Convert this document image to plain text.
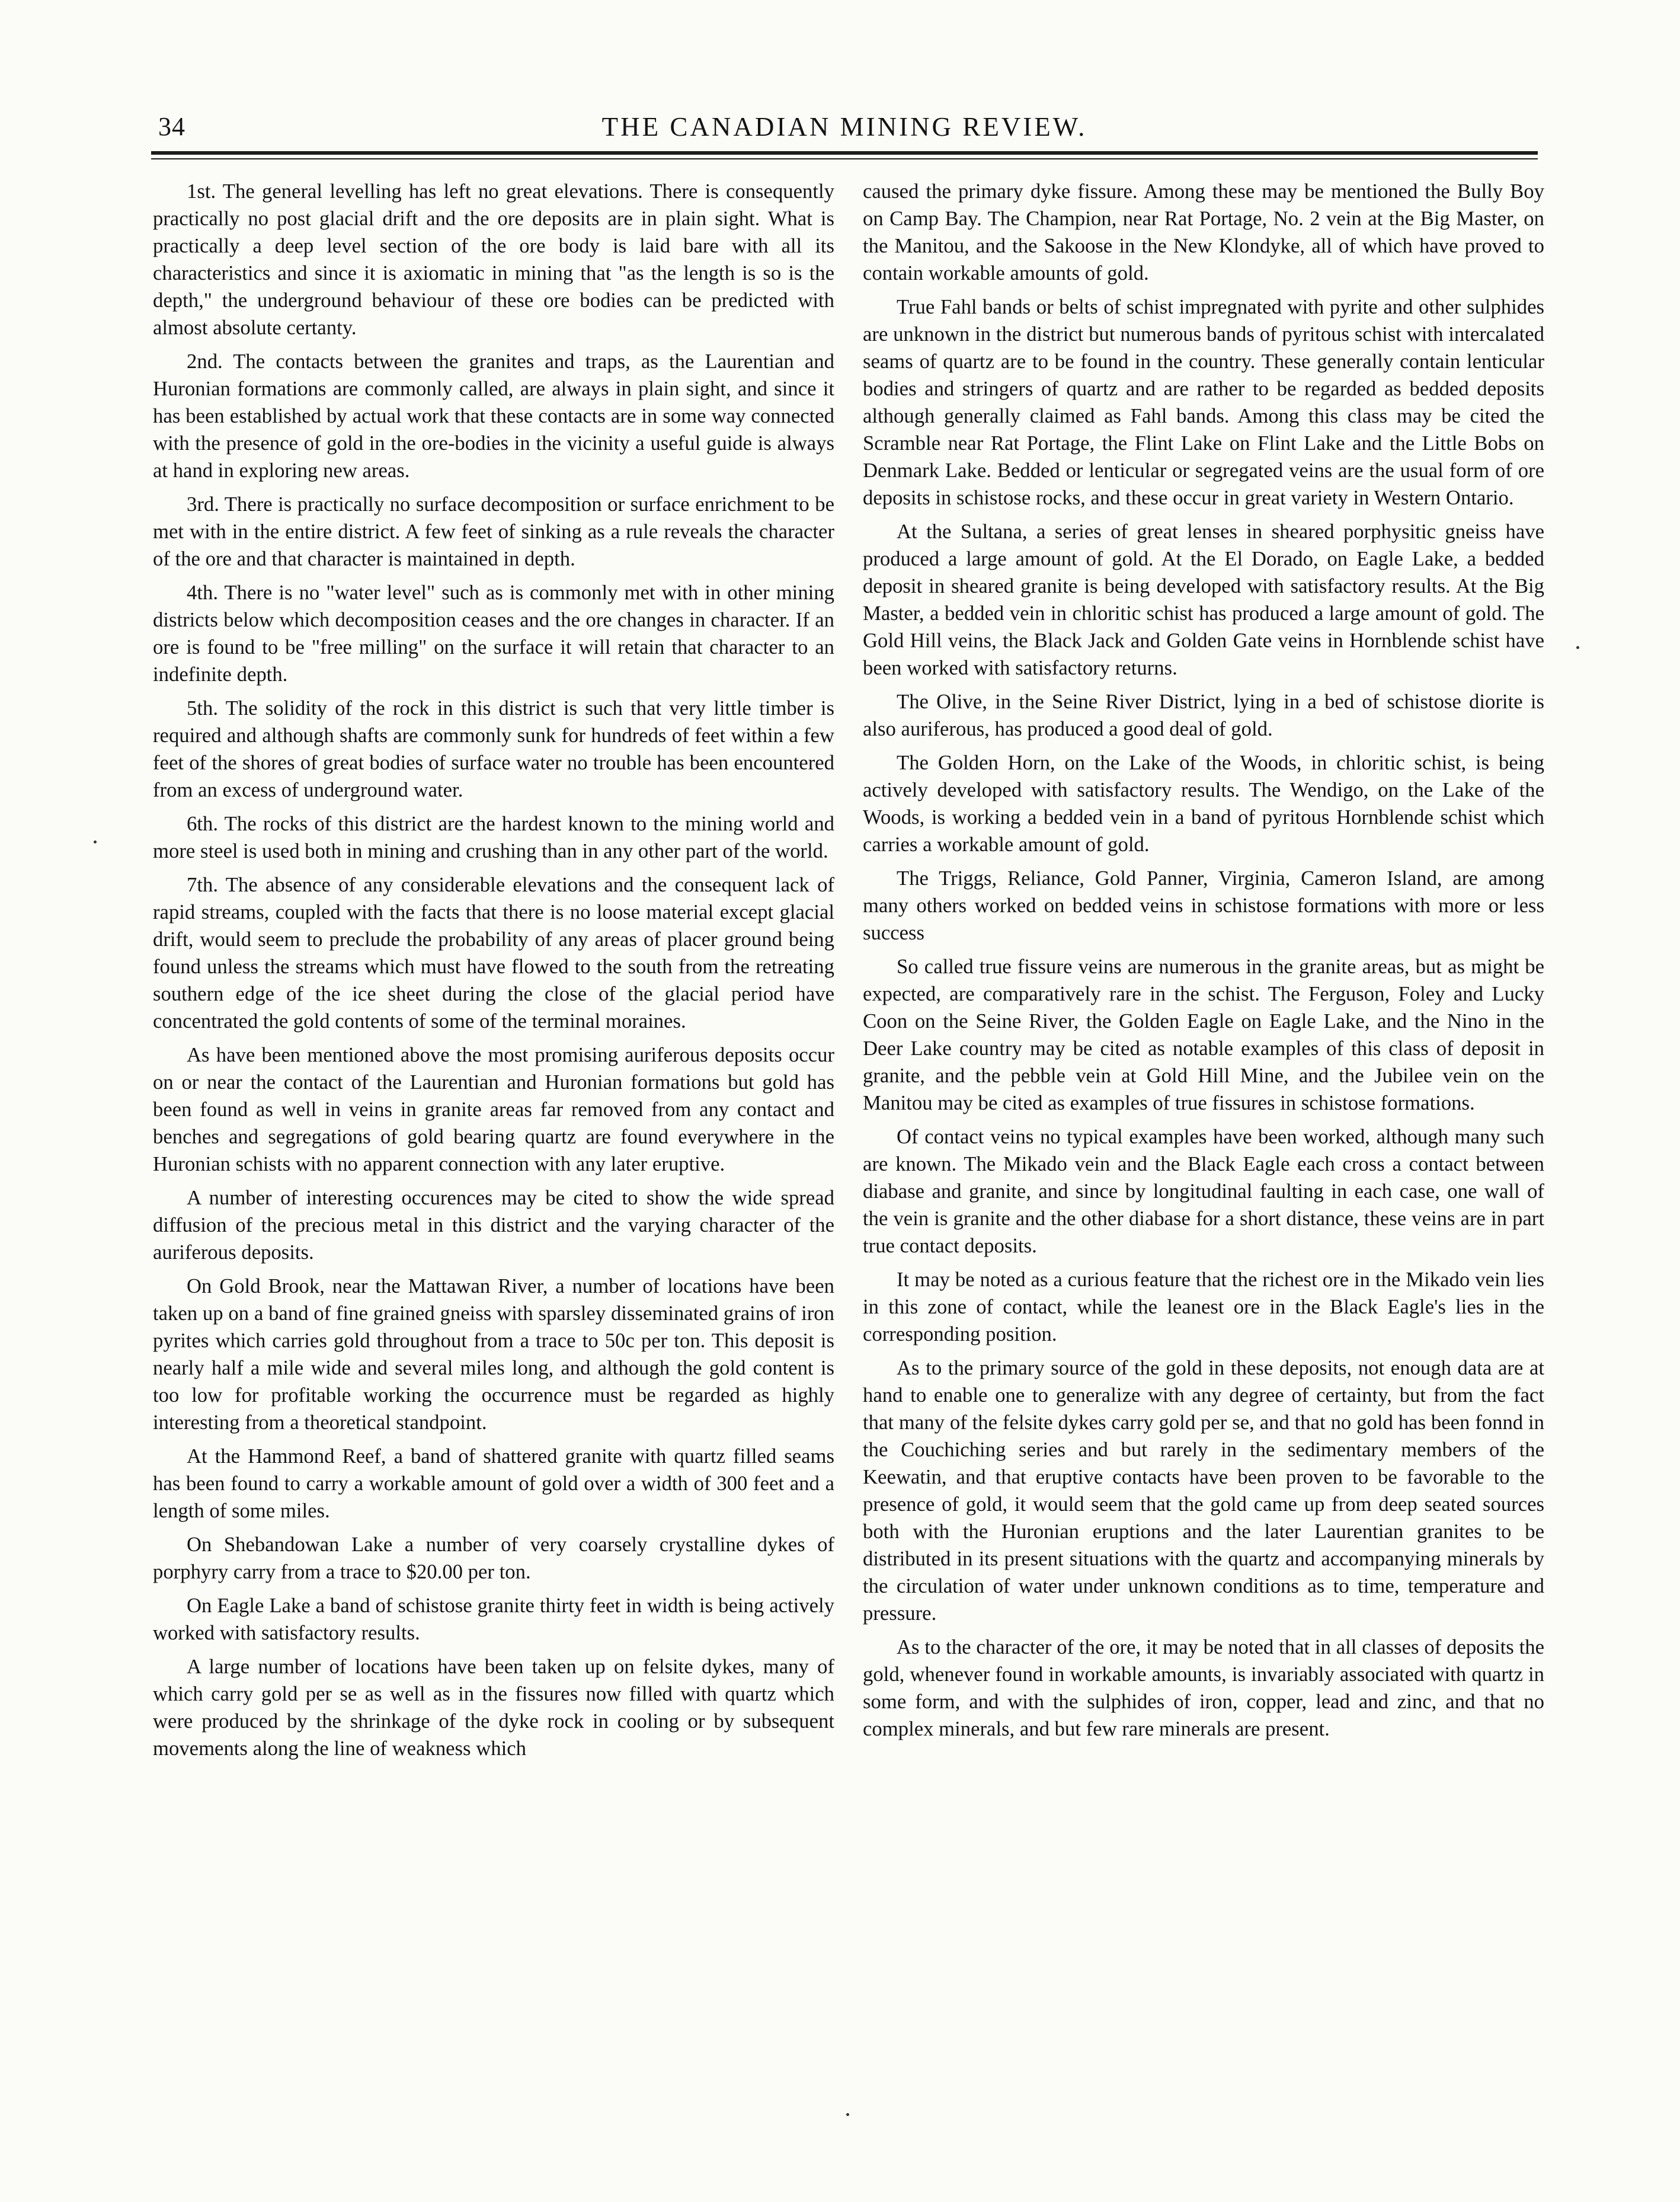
34	THE CANADIAN MINING REVIEW.

1st. The general levelling has left no great elevations. There is consequently practically no post glacial drift and the ore deposits are in plain sight. What is practically a deep level section of the ore body is laid bare with all its characteristics and since it is axiomatic in mining that "as the length is so is the depth," the underground behaviour of these ore bodies can be predicted with almost absolute certanty.

2nd. The contacts between the granites and traps, as the Laurentian and Huronian formations are commonly called, are always in plain sight, and since it has been established by actual work that these contacts are in some way connected with the presence of gold in the ore-bodies in the vicinity a useful guide is always at hand in exploring new areas.

3rd. There is practically no surface decomposition or surface enrichment to be met with in the entire district. A few feet of sinking as a rule reveals the character of the ore and that character is maintained in depth.

4th. There is no "water level" such as is commonly met with in other mining districts below which decomposition ceases and the ore changes in character. If an ore is found to be "free milling" on the surface it will retain that character to an indefinite depth.

5th. The solidity of the rock in this district is such that very little timber is required and although shafts are commonly sunk for hundreds of feet within a few feet of the shores of great bodies of surface water no trouble has been encountered from an excess of underground water.

6th. The rocks of this district are the hardest known to the mining world and more steel is used both in mining and crushing than in any other part of the world.

7th. The absence of any considerable elevations and the consequent lack of rapid streams, coupled with the facts that there is no loose material except glacial drift, would seem to preclude the probability of any areas of placer ground being found unless the streams which must have flowed to the south from the retreating southern edge of the ice sheet during the close of the glacial period have concentrated the gold contents of some of the terminal moraines.

As have been mentioned above the most promising auriferous deposits occur on or near the contact of the Laurentian and Huronian formations but gold has been found as well in veins in granite areas far removed from any contact and benches and segregations of gold bearing quartz are found everywhere in the Huronian schists with no apparent connection with any later eruptive.

A number of interesting occurences may be cited to show the wide spread diffusion of the precious metal in this district and the varying character of the auriferous deposits.

On Gold Brook, near the Mattawan River, a number of locations have been taken up on a band of fine grained gneiss with sparsley disseminated grains of iron pyrites which carries gold throughout from a trace to 50c per ton. This deposit is nearly half a mile wide and several miles long, and although the gold content is too low for profitable working the occurrence must be regarded as highly interesting from a theoretical standpoint.

At the Hammond Reef, a band of shattered granite with quartz filled seams has been found to carry a workable amount of gold over a width of 300 feet and a length of some miles.

On Shebandowan Lake a number of very coarsely crystalline dykes of porphyry carry from a trace to $20.00 per ton.

On Eagle Lake a band of schistose granite thirty feet in width is being actively worked with satisfactory results.

A large number of locations have been taken up on felsite dykes, many of which carry gold per se as well as in the fissures now filled with quartz which were produced by the shrinkage of the dyke rock in cooling or by subsequent movements along the line of weakness which

caused the primary dyke fissure. Among these may be mentioned the Bully Boy on Camp Bay. The Champion, near Rat Portage, No. 2 vein at the Big Master, on the Manitou, and the Sakoose in the New Klondyke, all of which have proved to contain workable amounts of gold.

True Fahl bands or belts of schist impregnated with pyrite and other sulphides are unknown in the district but numerous bands of pyritous schist with intercalated seams of quartz are to be found in the country. These generally contain lenticular bodies and stringers of quartz and are rather to be regarded as bedded deposits although generally claimed as Fahl bands. Among this class may be cited the Scramble near Rat Portage, the Flint Lake on Flint Lake and the Little Bobs on Denmark Lake. Bedded or lenticular or segregated veins are the usual form of ore deposits in schistose rocks, and these occur in great variety in Western Ontario.

At the Sultana, a series of great lenses in sheared porphysitic gneiss have produced a large amount of gold. At the El Dorado, on Eagle Lake, a bedded deposit in sheared granite is being developed with satisfactory results. At the Big Master, a bedded vein in chloritic schist has produced a large amount of gold. The Gold Hill veins, the Black Jack and Golden Gate veins in Hornblende schist have been worked with satisfactory returns.

The Olive, in the Seine River District, lying in a bed of schistose diorite is also auriferous, has produced a good deal of gold.

The Golden Horn, on the Lake of the Woods, in chloritic schist, is being actively developed with satisfactory results. The Wendigo, on the Lake of the Woods, is working a bedded vein in a band of pyritous Hornblende schist which carries a workable amount of gold.

The Triggs, Reliance, Gold Panner, Virginia, Cameron Island, are among many others worked on bedded veins in schistose formations with more or less success

So called true fissure veins are numerous in the granite areas, but as might be expected, are comparatively rare in the schist. The Ferguson, Foley and Lucky Coon on the Seine River, the Golden Eagle on Eagle Lake, and the Nino in the Deer Lake country may be cited as notable examples of this class of deposit in granite, and the pebble vein at Gold Hill Mine, and the Jubilee vein on the Manitou may be cited as examples of true fissures in schistose formations.

Of contact veins no typical examples have been worked, although many such are known. The Mikado vein and the Black Eagle each cross a contact between diabase and granite, and since by longitudinal faulting in each case, one wall of the vein is granite and the other diabase for a short distance, these veins are in part true contact deposits.

It may be noted as a curious feature that the richest ore in the Mikado vein lies in this zone of contact, while the leanest ore in the Black Eagle's lies in the corresponding position.

As to the primary source of the gold in these deposits, not enough data are at hand to enable one to generalize with any degree of certainty, but from the fact that many of the felsite dykes carry gold per se, and that no gold has been fonnd in the Couchiching series and but rarely in the sedimentary members of the Keewatin, and that eruptive contacts have been proven to be favorable to the presence of gold, it would seem that the gold came up from deep seated sources both with the Huronian eruptions and the later Laurentian granites to be distributed in its present situations with the quartz and accompanying minerals by the circulation of water under unknown conditions as to time, temperature and pressure.

As to the character of the ore, it may be noted that in all classes of deposits the gold, whenever found in workable amounts, is invariably associated with quartz in some form, and with the sulphides of iron, copper, lead and zinc, and that no complex minerals, and but few rare minerals are present.
